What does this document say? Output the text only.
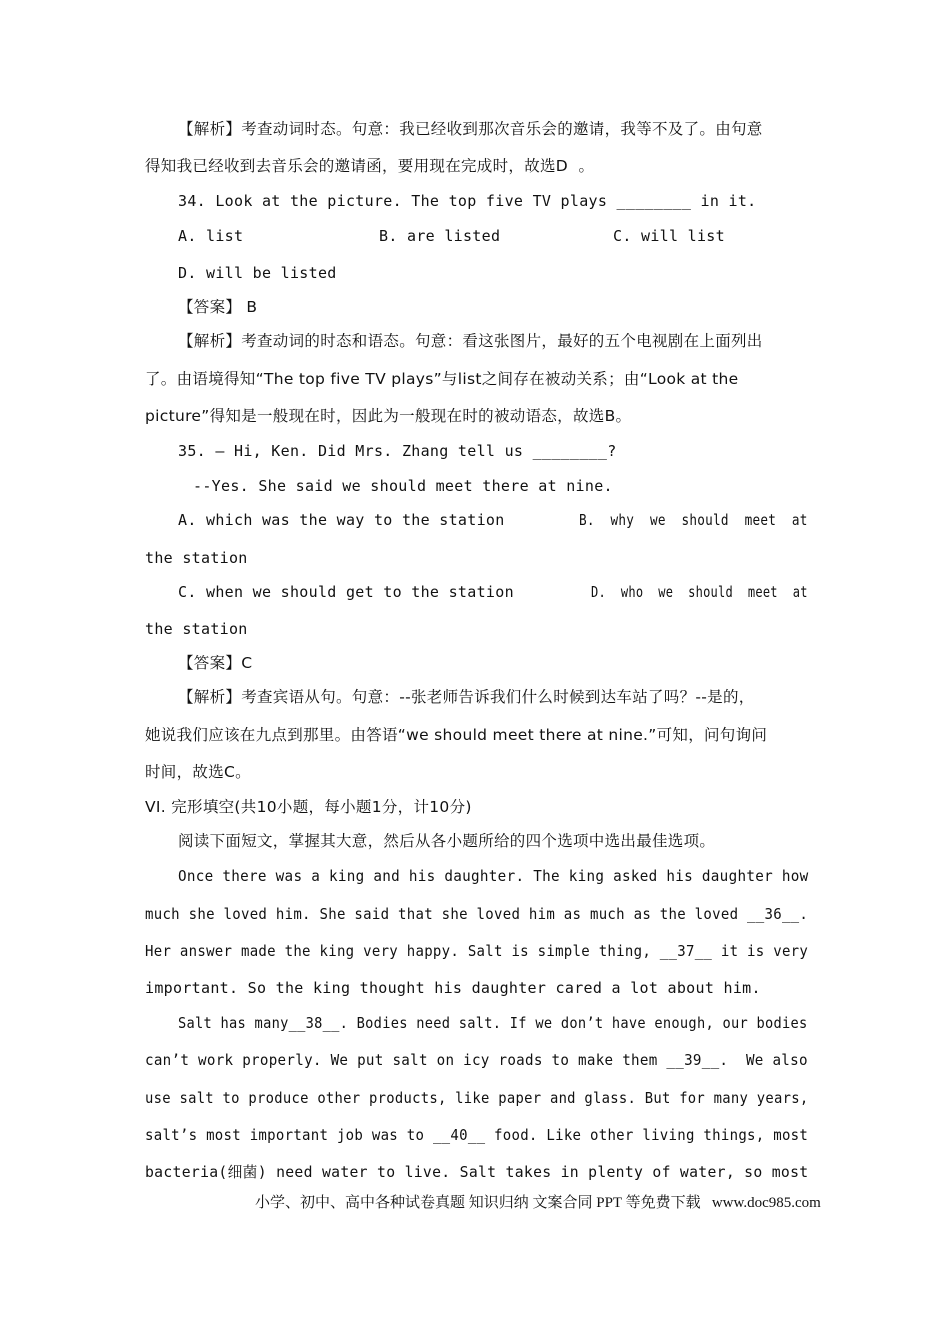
【解析】考查动词时态。句意：我已经收到那次音乐会的邀请，我等不及了。由句意
得知我已经收到去音乐会的邀请函，要用现在完成时，故选D  。
34. Look at the picture. The top five TV plays ________ in it.
A. list	B. are listed	C. will list
D. will be listed
【答案】 B
【解析】考查动词的时态和语态。句意：看这张图片，最好的五个电视剧在上面列出
了。由语境得知“The top five TV plays”与list之间存在被动关系；由“Look at the
picture”得知是一般现在时，因此为一般现在时的被动语态，故选B。
35. – Hi, Ken. Did Mrs. Zhang tell us ________?
--Yes. She said we should meet there at nine.
A. which was the way to the station	B.  why  we  should  meet  at
the station
C. when we should get to the station	D.  who  we  should  meet  at
the station
【答案】C
【解析】考查宾语从句。句意：--张老师告诉我们什么时候到达车站了吗？--是的，
她说我们应该在九点到那里。由答语“we should meet there at nine.”可知，问句询问
时间，故选C。
VI. 完形填空(共10小题，每小题1分，计10分)
阅读下面短文，掌握其大意，然后从各小题所给的四个选项中选出最佳选项。
Once there was a king and his daughter. The king asked his daughter how
much she loved him. She said that she loved him as much as the loved __36__.
Her answer made the king very happy. Salt is simple thing, __37__ it is very
important. So the king thought his daughter cared a lot about him.
Salt has many__38__. Bodies need salt. If we don’t have enough, our bodies
can’t work properly. We put salt on icy roads to make them __39__.  We also
use salt to produce other products, like paper and glass. But for many years,
salt’s most important job was to __40__ food. Like other living things, most
bacteria(细菌) need water to live. Salt takes in plenty of water, so most
小学、初中、高中各种试卷真题 知识归纳 文案合同 PPT 等免费下载   www.doc985.com
